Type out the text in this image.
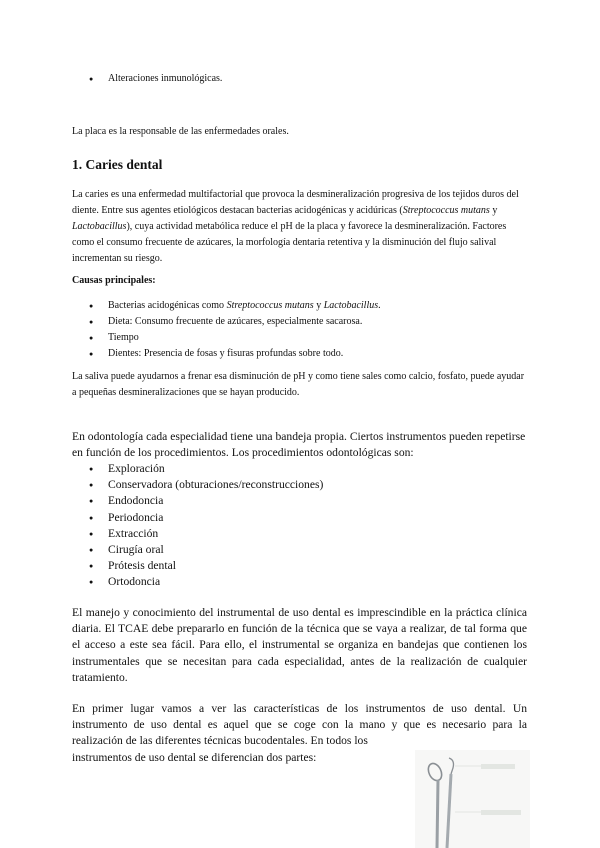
● Alteraciones inmunológicas.

La placa es la responsable de las enfermedades orales.

1. Caries dental

La caries es una enfermedad multifactorial que provoca la desmineralización progresiva de los tejidos duros del diente. Entre sus agentes etiológicos destacan bacterias acidogénicas y acidúricas (Streptococcus mutans y Lactobacillus), cuya actividad metabólica reduce el pH de la placa y favorece la desmineralización. Factores como el consumo frecuente de azúcares, la morfología dentaria retentiva y la disminución del flujo salival incrementan su riesgo.

Causas principales:

● Bacterias acidogénicas como Streptococcus mutans y Lactobacillus.
● Dieta: Consumo frecuente de azúcares, especialmente sacarosa.
● Tiempo
● Dientes: Presencia de fosas y fisuras profundas sobre todo.

La saliva puede ayudarnos a frenar esa disminución de pH y como tiene sales como calcio, fosfato, puede ayudar a pequeñas desmineralizaciones que se hayan producido.

En odontología cada especialidad tiene una bandeja propia. Ciertos instrumentos pueden repetirse en función de los procedimientos. Los procedimientos odontológicas son:

● Exploración
● Conservadora (obturaciones/reconstrucciones)
● Endodoncia
● Periodoncia
● Extracción
● Cirugía oral
● Prótesis dental
● Ortodoncia

El manejo y conocimiento del instrumental de uso dental es imprescindible en la práctica clínica diaria. El TCAE debe prepararlo en función de la técnica que se vaya a realizar, de tal forma que el acceso a este sea fácil. Para ello, el instrumental se organiza en bandejas que contienen los instrumentales que se necesitan para cada especialidad, antes de la realización de cualquier tratamiento.

En primer lugar vamos a ver las características de los instrumentos de uso dental. Un
instrumento de uso dental es aquel que se coge con la mano y que es necesario para la
realización de las diferentes técnicas bucodentales. En todos los
instrumentos de uso dental se diferencian dos partes:
